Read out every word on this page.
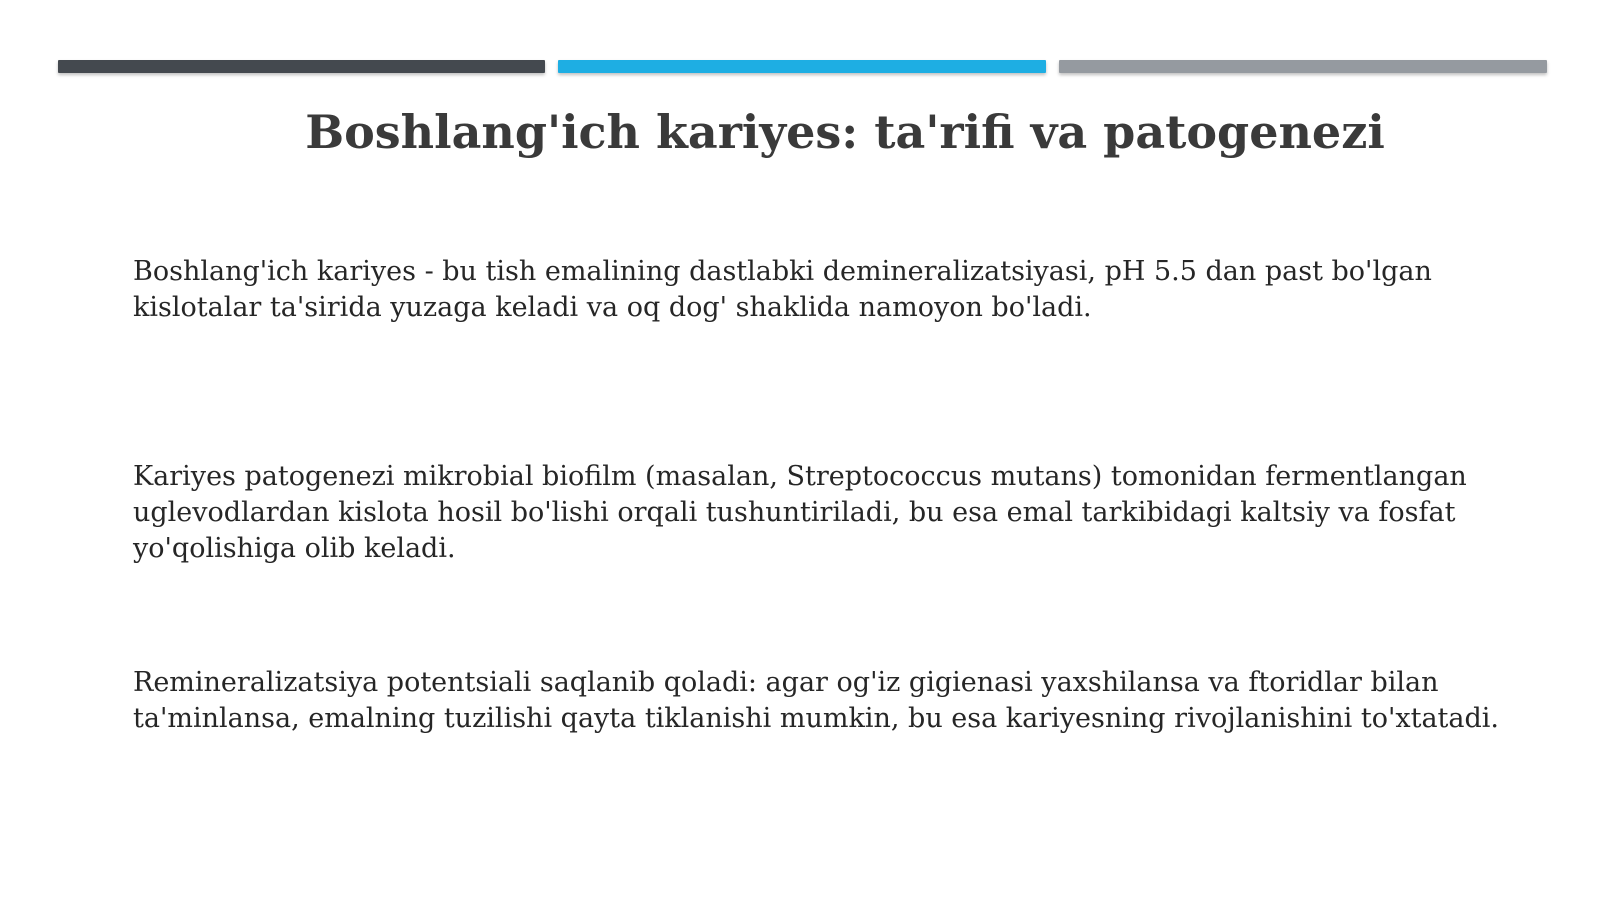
Boshlang'ich kariyes: ta'rifi va patogenezi

Boshlang'ich kariyes - bu tish emalining dastlabki demineralizatsiyasi, pH 5.5 dan past bo'lgan kislotalar ta'sirida yuzaga keladi va oq dog' shaklida namoyon bo'ladi.

Kariyes patogenezi mikrobial biofilm (masalan, Streptococcus mutans) tomonidan fermentlangan uglevodlardan kislota hosil bo'lishi orqali tushuntiriladi, bu esa emal tarkibidagi kaltsiy va fosfat yo'qolishiga olib keladi.

Remineralizatsiya potentsiali saqlanib qoladi: agar og'iz gigienasi yaxshilansa va ftoridlar bilan ta'minlansa, emalning tuzilishi qayta tiklanishi mumkin, bu esa kariyesning rivojlanishini to'xtatadi.
